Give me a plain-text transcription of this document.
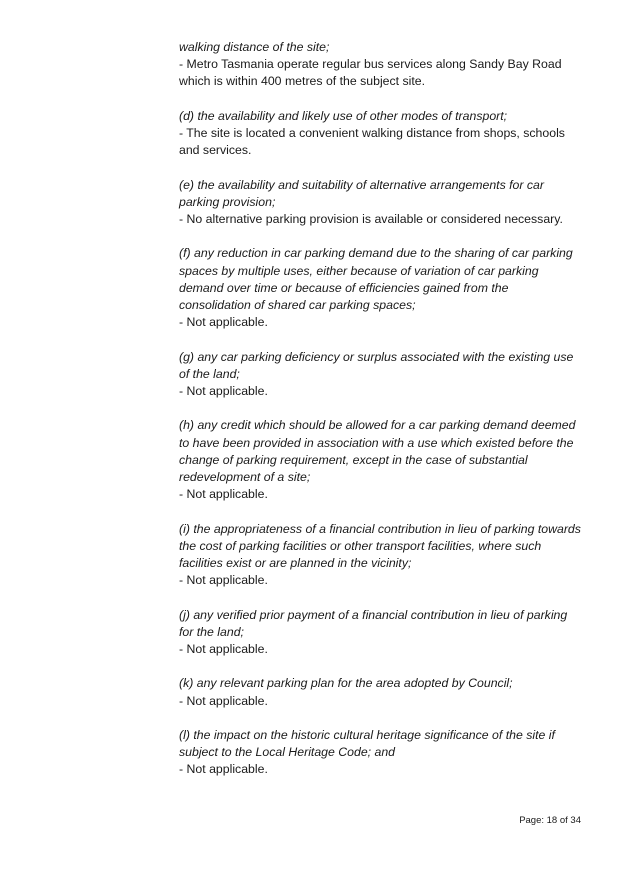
walking distance of the site;
- Metro Tasmania operate regular bus services along Sandy Bay Road which is within 400 metres of the subject site.
(d) the availability and likely use of other modes of transport;
- The site is located a convenient walking distance from shops, schools and services.
(e) the availability and suitability of alternative arrangements for car parking provision;
- No alternative parking provision is available or considered necessary.
(f) any reduction in car parking demand due to the sharing of car parking spaces by multiple uses, either because of variation of car parking demand over time or because of efficiencies gained from the consolidation of shared car parking spaces;
- Not applicable.
(g) any car parking deficiency or surplus associated with the existing use of the land;
- Not applicable.
(h) any credit which should be allowed for a car parking demand deemed to have been provided in association with a use which existed before the change of parking requirement, except in the case of substantial redevelopment of a site;
- Not applicable.
(i) the appropriateness of a financial contribution in lieu of parking towards the cost of parking facilities or other transport facilities, where such facilities exist or are planned in the vicinity;
- Not applicable.
(j) any verified prior payment of a financial contribution in lieu of parking for the land;
- Not applicable.
(k) any relevant parking plan for the area adopted by Council;
- Not applicable.
(l) the impact on the historic cultural heritage significance of the site if subject to the Local Heritage Code; and
- Not applicable.
Page: 18 of 34
